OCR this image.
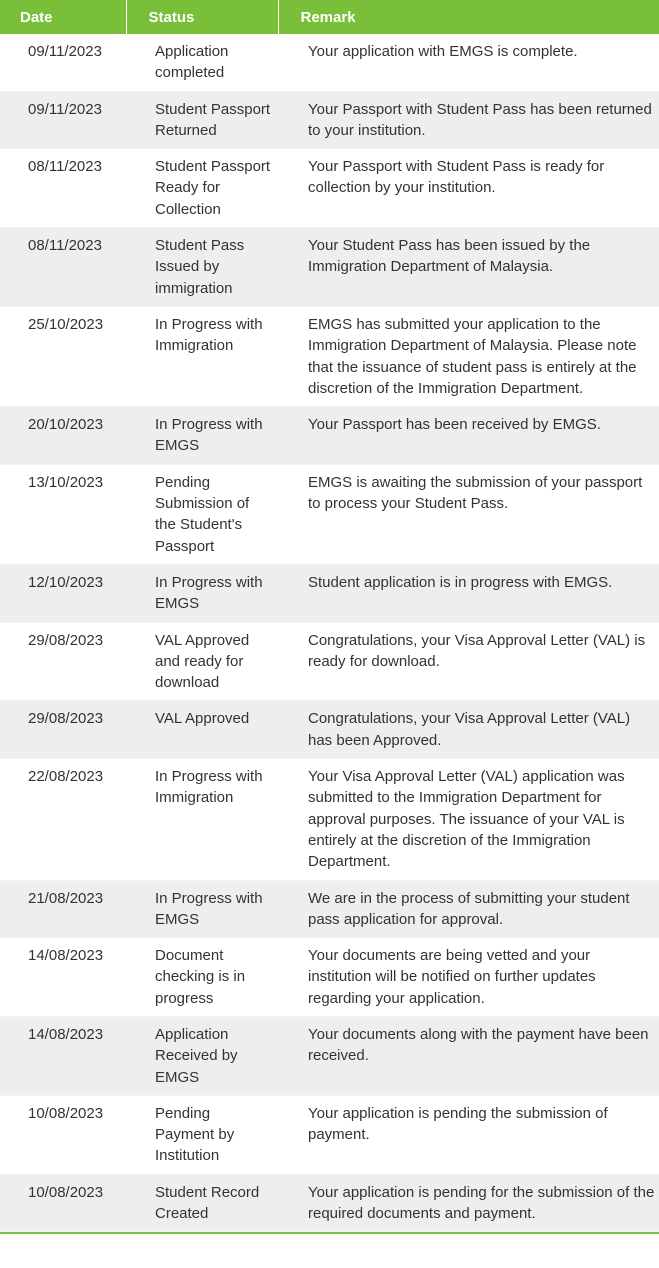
Date	Status	Remark
09/11/2023	Application completed	Your application with EMGS is complete.
09/11/2023	Student Passport Returned	Your Passport with Student Pass has been returned to your institution.
08/11/2023	Student Passport Ready for Collection	Your Passport with Student Pass is ready for collection by your institution.
08/11/2023	Student Pass Issued by immigration	Your Student Pass has been issued by the Immigration Department of Malaysia.
25/10/2023	In Progress with Immigration	EMGS has submitted your application to the Immigration Department of Malaysia. Please note that the issuance of student pass is entirely at the discretion of the Immigration Department.
20/10/2023	In Progress with EMGS	Your Passport has been received by EMGS.
13/10/2023	Pending Submission of the Student's Passport	EMGS is awaiting the submission of your passport to process your Student Pass.
12/10/2023	In Progress with EMGS	Student application is in progress with EMGS.
29/08/2023	VAL Approved and ready for download	Congratulations, your Visa Approval Letter (VAL) is ready for download.
29/08/2023	VAL Approved	Congratulations, your Visa Approval Letter (VAL) has been Approved.
22/08/2023	In Progress with Immigration	Your Visa Approval Letter (VAL) application was submitted to the Immigration Department for approval purposes. The issuance of your VAL is entirely at the discretion of the Immigration Department.
21/08/2023	In Progress with EMGS	We are in the process of submitting your student pass application for approval.
14/08/2023	Document checking is in progress	Your documents are being vetted and your institution will be notified on further updates regarding your application.
14/08/2023	Application Received by EMGS	Your documents along with the payment have been received.
10/08/2023	Pending Payment by Institution	Your application is pending the submission of payment.
10/08/2023	Student Record Created	Your application is pending for the submission of the required documents and payment.
